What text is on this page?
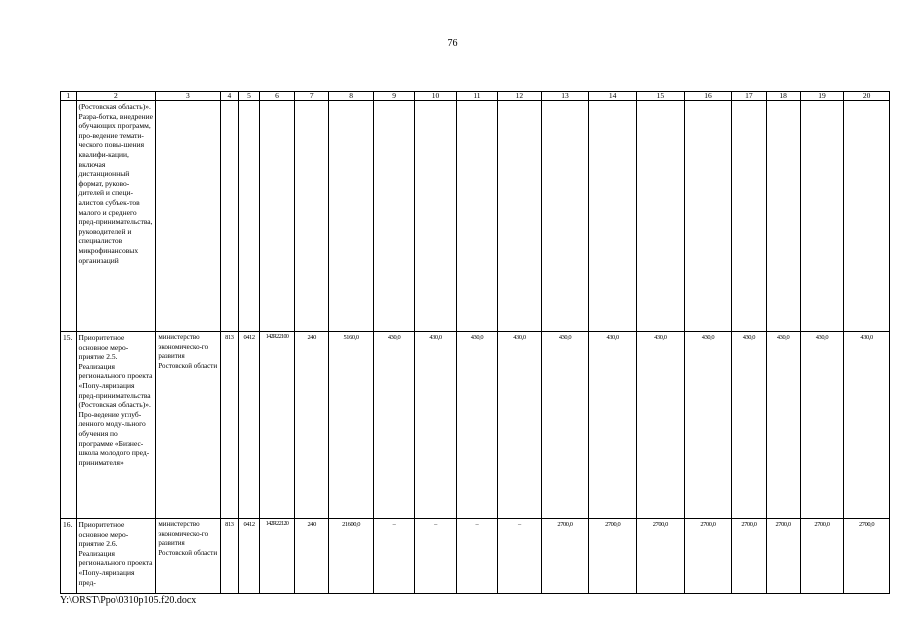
76
1	2	3	4	5	6	7	8	9	10	11	12	13	14	15	16	17	18	19	20
	(Ростовская область)». Разра-ботка, внедрение обучающих программ, про-ведение темати-ческого повы-шения квалифи-кации, включая дистанционный формат, руково-дителей и специ-алистов субъек-тов малого и среднего пред-принимательства, руководителей и специалистов микрофинансовых организаций																		
15.	Приоритетное основное меро-приятие 2.5. Реализация регионального проекта «Попу-ляризация пред-принимательства (Ростовская область)». Про-ведение углуб-ленного моду-льного обучения по программе «Бизнес-школа молодого пред-принимателя»	министерство экономическо-го развития Ростовской области	813	0412	142R22100	240	5160,0	430,0	430,0	430,0	430,0	430,0	430,0	430,0	430,0	430,0	430,0	430,0	430,0
16.	Приоритетное основное меро-приятие 2.6. Реализация регионального проекта «Попу-ляризация пред-	министерство экономическо-го развития Ростовской области	813	0412	142R22120	240	21600,0	–	–	–	–	2700,0	2700,0	2700,0	2700,0	2700,0	2700,0	2700,0	2700,0
Y:\ORST\Ppo\0310p105.f20.docx
